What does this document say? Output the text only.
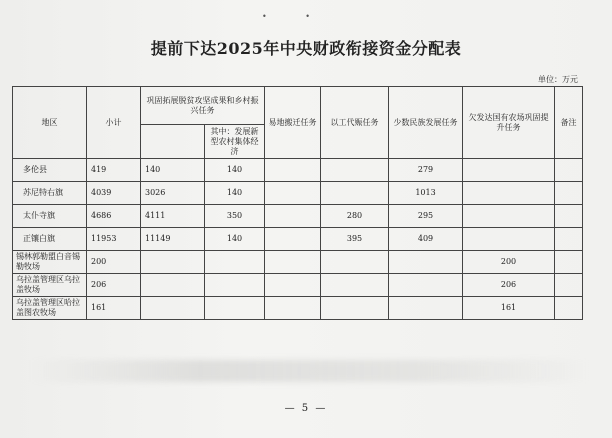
• •
提前下达2025年中央财政衔接资金分配表
单位：万元
地区	小计	巩固拓展脱贫攻坚成果和乡村振兴任务		易地搬迁任务	以工代赈任务	少数民族发展任务	欠发达国有农场巩固提升任务	备注
			其中：发展新型农村集体经济					
多伦县	419	140	140			279		
苏尼特右旗	4039	3026	140			1013		
太仆寺旗	4686	4111	350		280	295		
正镶白旗	11953	11149	140		395	409		
锡林郭勒盟白音锡勒牧场	200						200	
乌拉盖管理区乌拉盖牧场	206						206	
乌拉盖管理区哈拉盖图农牧场	161						161	
— 5 —
